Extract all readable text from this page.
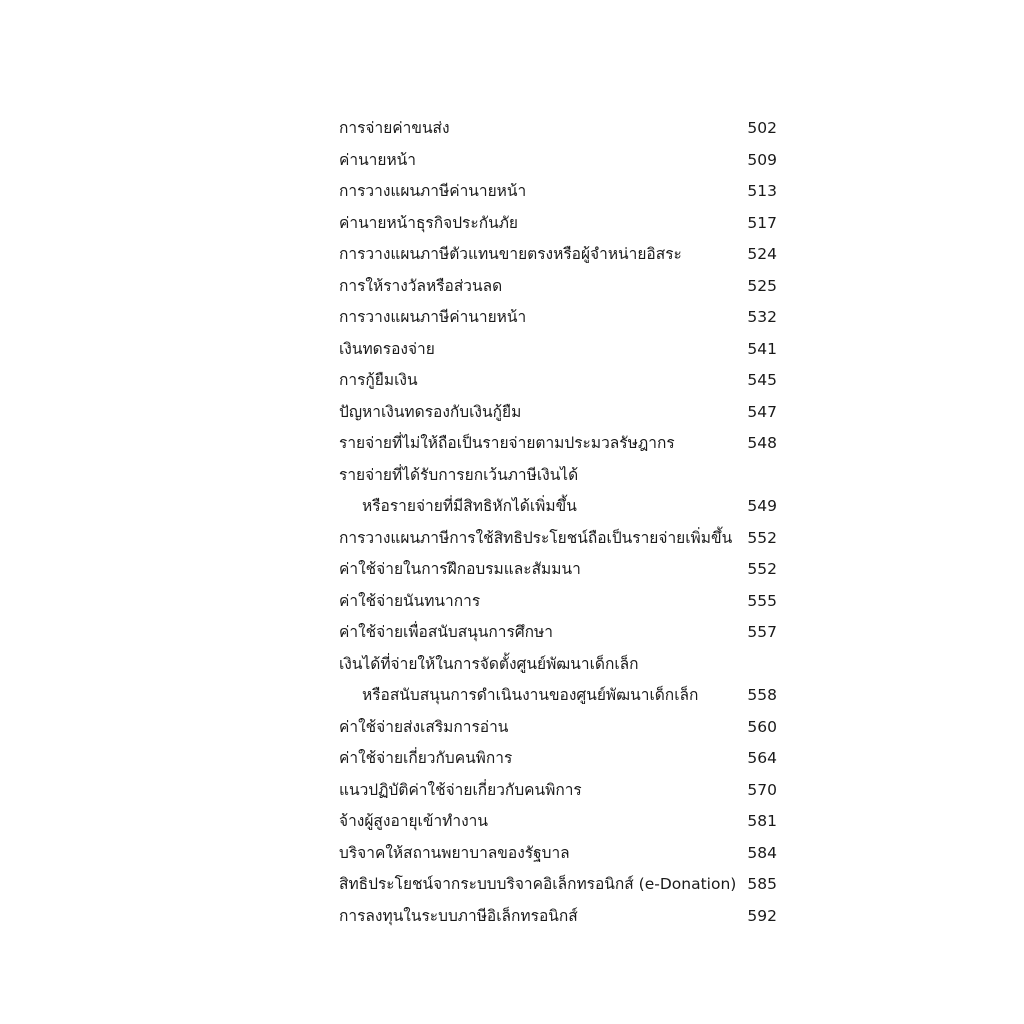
การจ่ายค่าขนส่ง	502
ค่านายหน้า	509
การวางแผนภาษีค่านายหน้า	513
ค่านายหน้าธุรกิจประกันภัย	517
การวางแผนภาษีตัวแทนขายตรงหรือผู้จำหน่ายอิสระ	524
การให้รางวัลหรือส่วนลด	525
การวางแผนภาษีค่านายหน้า	532
เงินทดรองจ่าย	541
การกู้ยืมเงิน	545
ปัญหาเงินทดรองกับเงินกู้ยืม	547
รายจ่ายที่ไม่ให้ถือเป็นรายจ่ายตามประมวลรัษฎากร	548
รายจ่ายที่ได้รับการยกเว้นภาษีเงินได้
หรือรายจ่ายที่มีสิทธิหักได้เพิ่มขึ้น	549
การวางแผนภาษีการใช้สิทธิประโยชน์ถือเป็นรายจ่ายเพิ่มขึ้น 552
ค่าใช้จ่ายในการฝึกอบรมและสัมมนา	552
ค่าใช้จ่ายนันทนาการ	555
ค่าใช้จ่ายเพื่อสนับสนุนการศึกษา	557
เงินได้ที่จ่ายให้ในการจัดตั้งศูนย์พัฒนาเด็กเล็ก
หรือสนับสนุนการดำเนินงานของศูนย์พัฒนาเด็กเล็ก	558
ค่าใช้จ่ายส่งเสริมการอ่าน	560
ค่าใช้จ่ายเกี่ยวกับคนพิการ	564
แนวปฏิบัติค่าใช้จ่ายเกี่ยวกับคนพิการ	570
จ้างผู้สูงอายุเข้าทำงาน	581
บริจาคให้สถานพยาบาลของรัฐบาล	584
สิทธิประโยชน์จากระบบบริจาคอิเล็กทรอนิกส์ (e-Donation) 585
การลงทุนในระบบภาษีอิเล็กทรอนิกส์	592
